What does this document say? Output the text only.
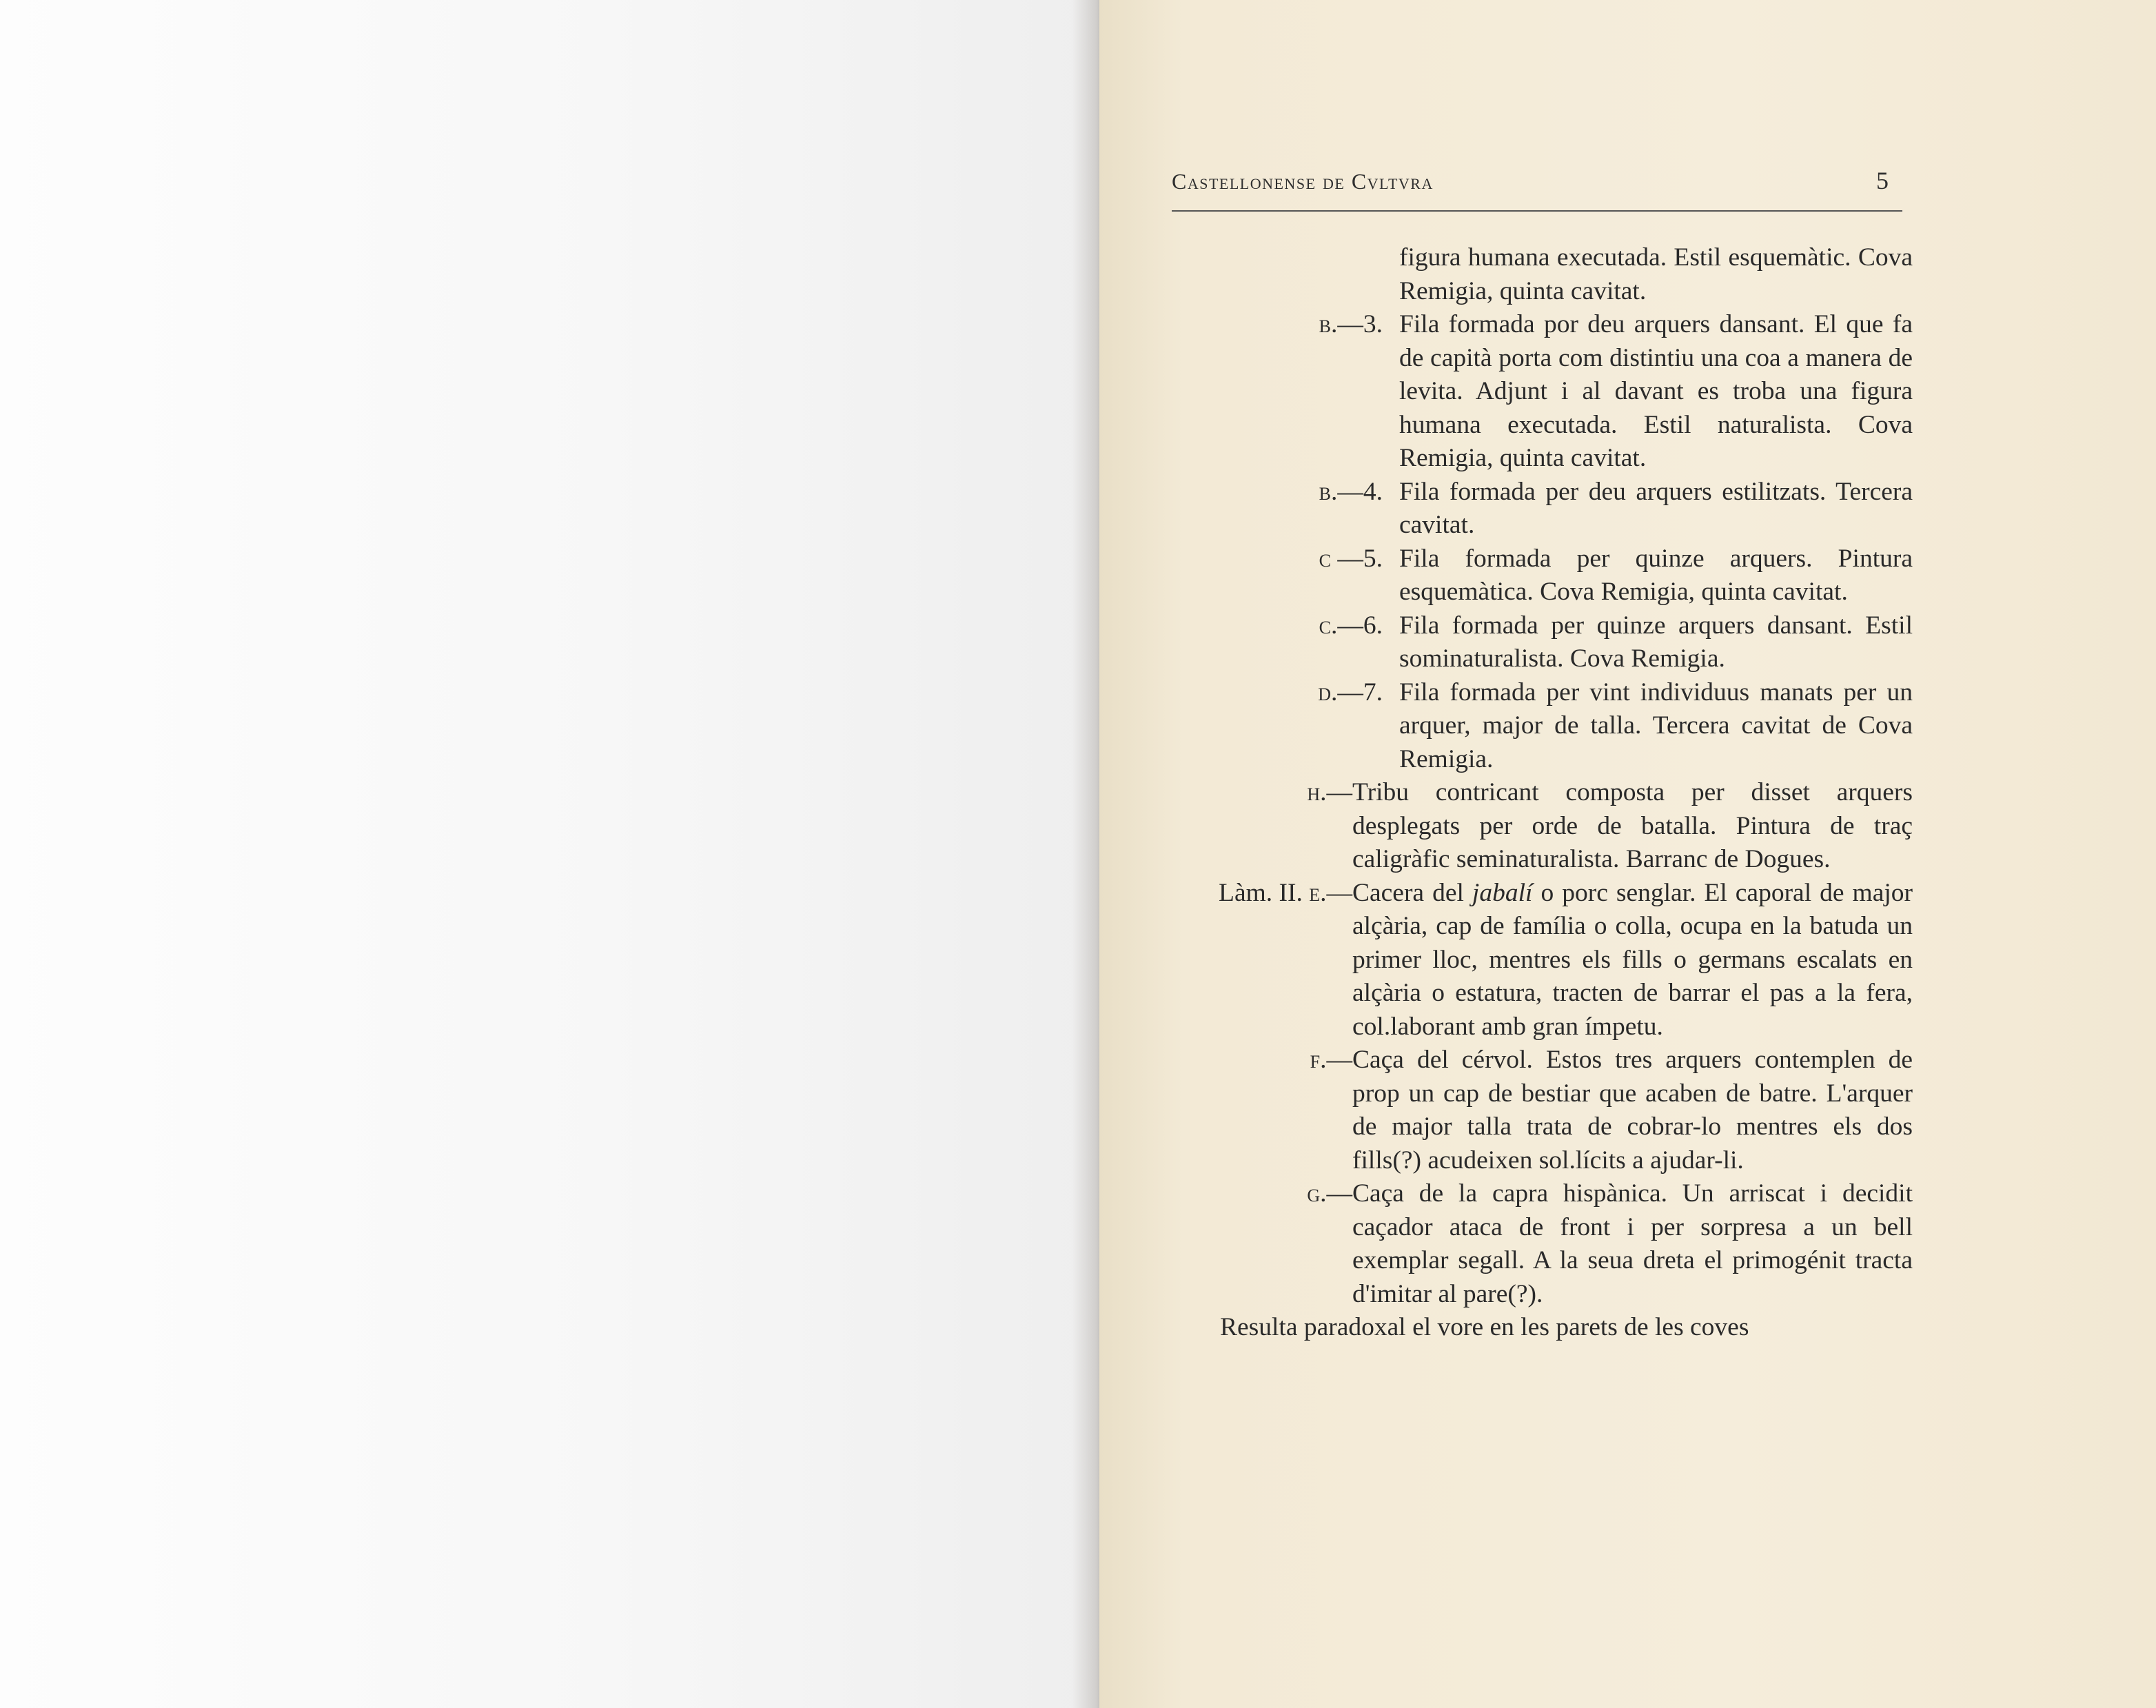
Castellonense de Cvltvra	5
figura humana executada. Estil esquemàtic. Cova Remigia, quinta cavitat.
b.—3. Fila formada por deu arquers dansant. El que fa de capità porta com distintiu una coa a manera de levita. Adjunt i al davant es troba una figura humana executada. Estil naturalista. Cova Remigia, quinta cavitat.
b.—4. Fila formada per deu arquers estilitzats. Tercera cavitat.
c —5. Fila formada per quinze arquers. Pintura esquemàtica. Cova Remigia, quinta cavitat.
c.—6. Fila formada per quinze arquers dansant. Estil sominaturalista. Cova Remigia.
d.—7. Fila formada per vint individuus manats per un arquer, major de talla. Tercera cavitat de Cova Remigia.
h.— Tribu contricant composta per disset arquers desplegats per orde de batalla. Pintura de traç caligràfic seminaturalista. Barranc de Dogues.
Làm. II. e.— Cacera del jabalí o porc senglar. El caporal de major alçària, cap de família o colla, ocupa en la batuda un primer lloc, mentres els fills o germans escalats en alçària o estatura, tracten de barrar el pas a la fera, col.laborant amb gran ímpetu.
f.— Caça del cérvol. Estos tres arquers contemplen de prop un cap de bestiar que acaben de batre. L'arquer de major talla trata de cobrar-lo mentres els dos fills(?) acudeixen sol.lícits a ajudar-li.
g.— Caça de la capra hispànica. Un arriscat i decidit caçador ataca de front i per sorpresa a un bell exemplar segall. A la seua dreta el primogénit tracta d'imitar al pare(?).
Resulta paradoxal el vore en les parets de les coves
